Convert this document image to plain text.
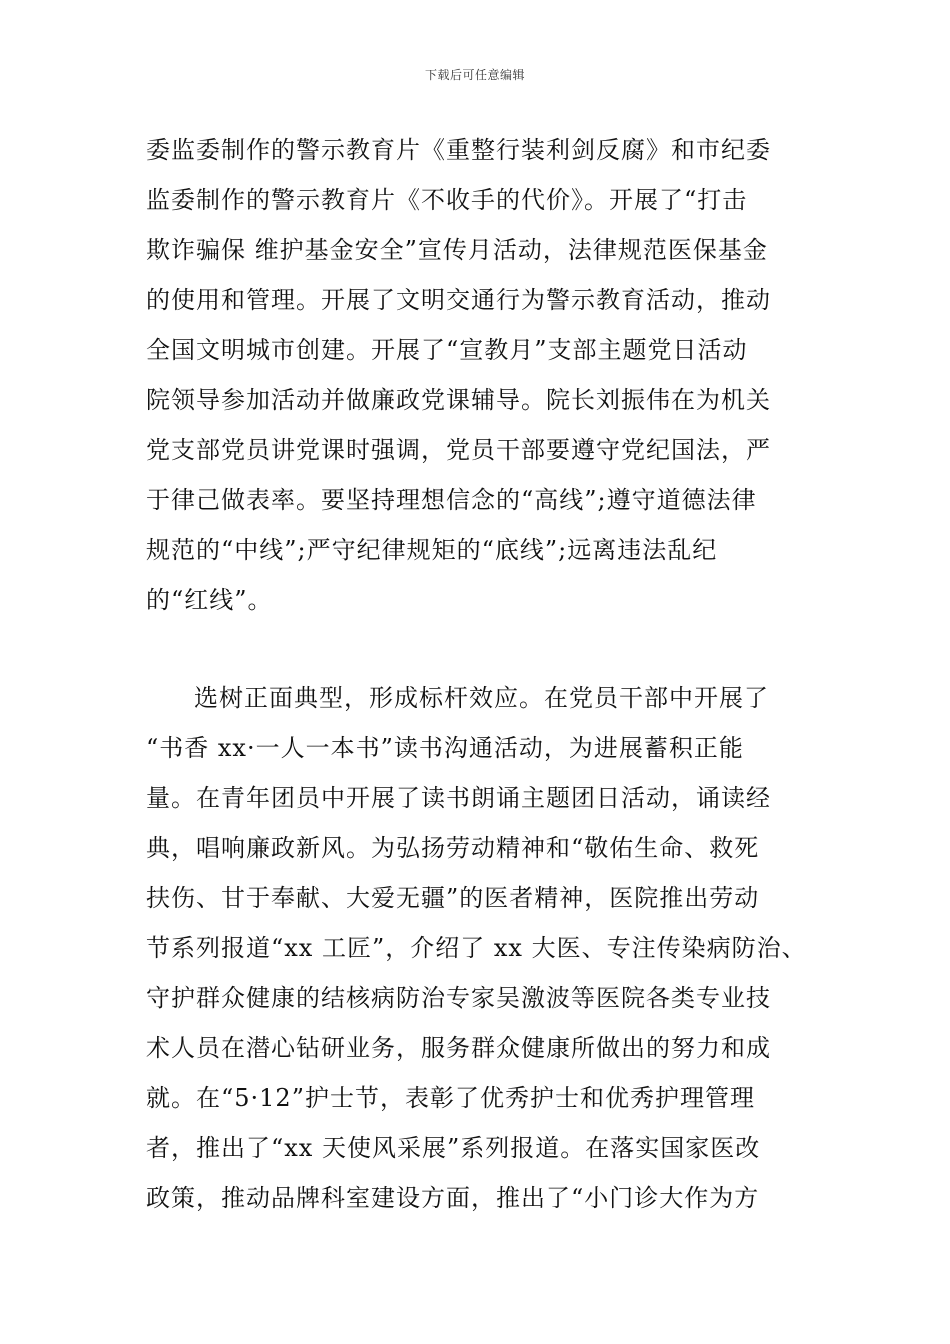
下载后可任意编辑
委监委制作的警示教育片《重整行装利剑反腐》和市纪委
监委制作的警示教育片《不收手的代价》。开展了“打击
欺诈骗保 维护基金安全”宣传月活动，法律规范医保基金
的使用和管理。开展了文明交通行为警示教育活动，推动
全国文明城市创建。开展了“宣教月”支部主题党日活动
院领导参加活动并做廉政党课辅导。院长刘振伟在为机关
党支部党员讲党课时强调，党员干部要遵守党纪国法，严
于律己做表率。要坚持理想信念的“高线”;遵守道德法律
规范的“中线”;严守纪律规矩的“底线”;远离违法乱纪
的“红线”。
选树正面典型，形成标杆效应。在党员干部中开展了
“书香 xx·一人一本书”读书沟通活动，为进展蓄积正能
量。在青年团员中开展了读书朗诵主题团日活动，诵读经
典，唱响廉政新风。为弘扬劳动精神和“敬佑生命、救死
扶伤、甘于奉献、大爱无疆”的医者精神，医院推出劳动
节系列报道“xx 工匠”，介绍了 xx 大医、专注传染病防治、
守护群众健康的结核病防治专家吴激波等医院各类专业技
术人员在潜心钻研业务，服务群众健康所做出的努力和成
就。在“5·12”护士节，表彰了优秀护士和优秀护理管理
者，推出了“xx 天使风采展”系列报道。在落实国家医改
政策，推动品牌科室建设方面，推出了“小门诊大作为方
